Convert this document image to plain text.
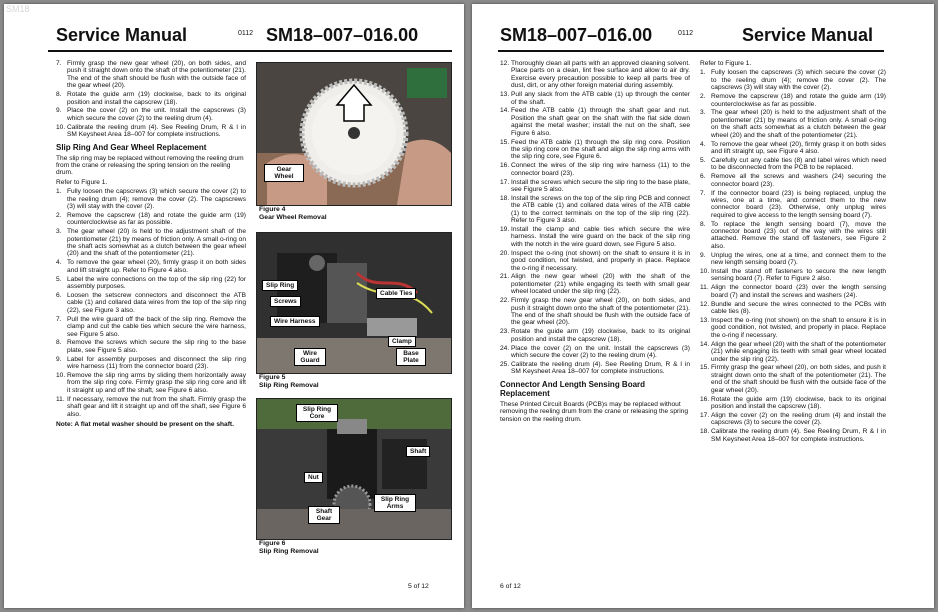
SM18
Service Manual	0112 SM18–007–016.00
7. Firmly grasp the new gear wheel (20), on both sides, and push it straight down onto the shaft of the potentiometer (21). The end of the shaft should be flush with the outside face of the gear wheel (20).
8. Rotate the guide arm (19) clockwise, back to its original position and install the capscrew (18).
9. Place the cover (2) on the unit. Install the capscrews (3) which secure the cover (2) to the reeling drum (4).
10. Calibrate the reeling drum (4). See Reeling Drum, R & I in SM Keysheet Area 18–007 for complete instructions.
Slip Ring And Gear Wheel Replacement

The slip ring may be replaced without removing the reeling drum from the crane or releasing the spring tension on the reeling drum.

Refer to Figure 1.

1. Fully loosen the capscrews (3) which secure the cover (2) to the reeling drum (4); remove the cover (2). The capscrews (3) will stay with the cover (2).
2. Remove the capscrew (18) and rotate the guide arm (19) counterclockwise as far as possible.
3. The gear wheel (20) is held to the adjustment shaft of the potentiometer (21) by means of friction only. A small o-ring on the shaft acts somewhat as a clutch between the gear wheel (20) and the shaft of the potentiometer (21).
4. To remove the gear wheel (20), firmly grasp it on both sides and lift straight up. Refer to Figure 4 also.
5. Label the wire connections on the top of the slip ring (22) for assembly purposes.
6. Loosen the setscrew connectors and disconnect the ATB cable (1) and collared data wires from the top of the slip ring (22), see Figure 3 also.
7. Pull the wire guard off the back of the slip ring. Remove the clamp and cut the cable ties which secure the wire harness, see Figure 5 also.
8. Remove the screws which secure the slip ring to the base plate, see Figure 5 also.
9. Label for assembly purposes and disconnect the slip ring wire harness (11) from the connector board (23).
10. Remove the slip ring arms by sliding them horizontally away from the slip ring core. Firmly grasp the slip ring core and lift it straight up and off the shaft, see Figure 6 also.
11. If necessary, remove the nut from the shaft. Firmly grasp the shaft gear and lift it straight up and off the shaft, see Figure 6 also.

Note: A flat metal washer should be present on the shaft.

Gear Wheel
Figure 4
Gear Wheel Removal
Slip Ring
Screws
Wire Harness
Cable Ties
Clamp
Wire Guard
Base Plate
Figure 5
Slip Ring Removal
Slip Ring Core
Shaft
Nut
Slip Ring Arms
Shaft Gear
Figure 6
Slip Ring Removal
5 of 12
SM18–007–016.00	0112	Service Manual
12. Thoroughly clean all parts with an approved cleaning solvent. Place parts on a clean, lint free surface and allow to air dry. Exercise every precaution possible to keep all parts free of dust, dirt, or any other foreign material during assembly.
13. Pull any slack from the ATB cable (1) up through the center of the shaft.
14. Feed the ATB cable (1) through the shaft gear and nut. Position the shaft gear on the shaft with the flat side down against the metal washer; install the nut on the shaft, see Figure 6 also.
15. Feed the ATB cable (1) through the slip ring core. Position the slip ring core on the shaft and align the slip ring arms with the slip ring core, see Figure 6.
16. Connect the wires of the slip ring wire harness (11) to the connector board (23).
17. Install the screws which secure the slip ring to the base plate, see Figure 5 also.
18. Install the screws on the top of the slip ring PCB and connect the ATB cable (1) and collared data wires of the ATB cable (1) to the correct terminals on the top of the slip ring (22). Refer to Figure 3 also.
19. Install the clamp and cable ties which secure the wire harness. Install the wire guard on the back of the slip ring with the notch in the wire guard down, see Figure 5 also.
20. Inspect the o-ring (not shown) on the shaft to ensure it is in good condition, not twisted, and properly in place. Replace the o-ring if necessary.
21. Align the new gear wheel (20) with the shaft of the potentiometer (21) while engaging its teeth with small gear wheel located under the slip ring (22).
22. Firmly grasp the new gear wheel (20), on both sides, and push it straight down onto the shaft of the potentiometer (21). The end of the shaft should be flush with the outside face of the gear wheel (20).
23. Rotate the guide arm (19) clockwise, back to its original position and install the capscrew (18).
24. Place the cover (2) on the unit. Install the capscrews (3) which secure the cover (2) to the reeling drum (4).
25. Calibrate the reeling drum (4). See Reeling Drum, R & I in SM Keysheet Area 18–007 for complete instructions.
Connector And Length Sensing Board Replacement

These Printed Circuit Boards (PCB)s may be replaced without removing the reeling drum from the crane or releasing the spring tension on the reeling drum.

Refer to Figure 1.

1. Fully loosen the capscrews (3) which secure the cover (2) to the reeling drum (4); remove the cover (2). The capscrews (3) will stay with the cover (2).
2. Remove the capscrew (18) and rotate the guide arm (19) counterclockwise as far as possible.
3. The gear wheel (20) is held to the adjustment shaft of the potentiometer (21) by means of friction only. A small o-ring on the shaft acts somewhat as a clutch between the gear wheel (20) and the shaft of the potentiometer (21).
4. To remove the gear wheel (20), firmly grasp it on both sides and lift straight up, see Figure 4 also.
5. Carefully cut any cable ties (8) and label wires which need to be disconnected from the PCB to be replaced.
6. Remove all the screws and washers (24) securing the connector board (23).
7. If the connector board (23) is being replaced, unplug the wires, one at a time, and connect them to the new connector board (23). Otherwise, only unplug wires required to give access to the length sensing board (7).
8. To replace the length sensing board (7), move the connector board (23) out of the way with the wires still attached. Remove the stand off fasteners, see Figure 2 also.
9. Unplug the wires, one at a time, and connect them to the new length sensing board (7).
10. Install the stand off fasteners to secure the new length sensing board (7). Refer to Figure 2 also.
11. Align the connector board (23) over the length sensing board (7) and install the screws and washers (24).
12. Bundle and secure the wires connected to the PCBs with cable ties (8).
13. Inspect the o-ring (not shown) on the shaft to ensure it is in good condition, not twisted, and properly in place. Replace the o-ring if necessary.
14. Align the gear wheel (20) with the shaft of the potentiometer (21) while engaging its teeth with small gear wheel located under the slip ring (22).
15. Firmly grasp the gear wheel (20), on both sides, and push it straight down onto the shaft of the potentiometer (21). The end of the shaft should be flush with the outside face of the gear wheel (20).
16. Rotate the guide arm (19) clockwise, back to its original position and install the capscrew (18).
17. Align the cover (2) on the reeling drum (4) and install the capscrews (3) to secure the cover (2).
18. Calibrate the reeling drum (4). See Reeling Drum, R & I in SM Keysheet Area 18–007 for complete instructions.
6 of 12
